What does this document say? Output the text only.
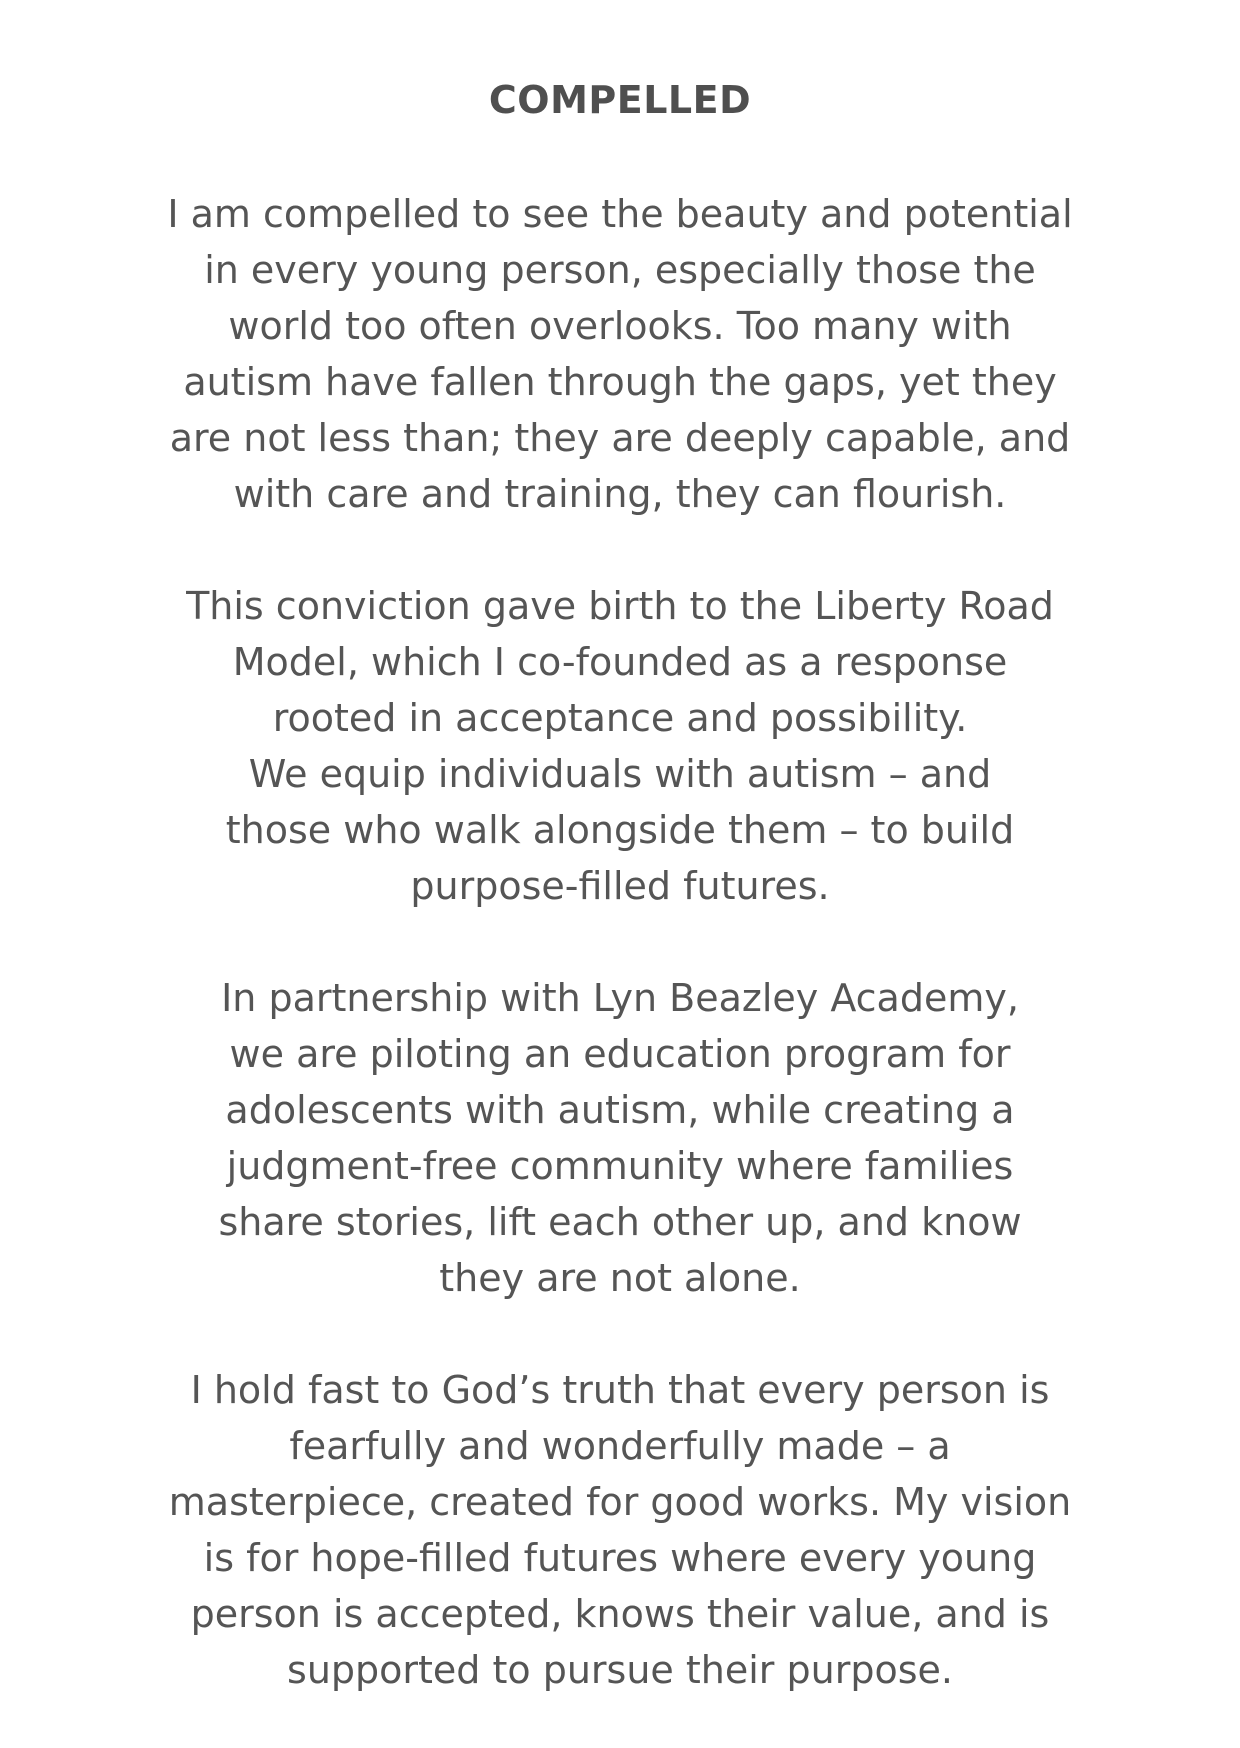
COMPELLED
I am compelled to see the beauty and potential
in every young person, especially those the
world too often overlooks. Too many with
autism have fallen through the gaps, yet they
are not less than; they are deeply capable, and
with care and training, they can flourish.
This conviction gave birth to the Liberty Road
Model, which I co-founded as a response
rooted in acceptance and possibility.
We equip individuals with autism – and
those who walk alongside them – to build
purpose-filled futures.
In partnership with Lyn Beazley Academy,
we are piloting an education program for
adolescents with autism, while creating a
judgment-free community where families
share stories, lift each other up, and know
they are not alone.
I hold fast to God’s truth that every person is
fearfully and wonderfully made – a
masterpiece, created for good works. My vision
is for hope-filled futures where every young
person is accepted, knows their value, and is
supported to pursue their purpose.
